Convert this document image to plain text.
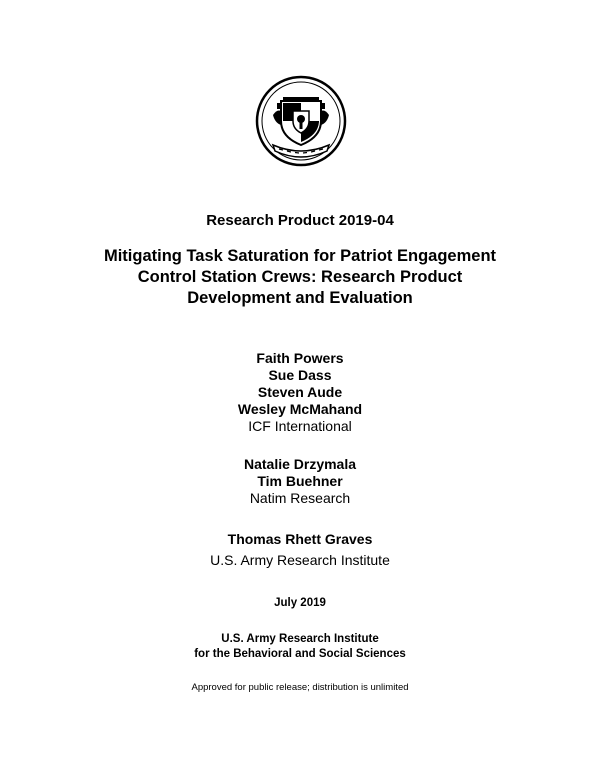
Research Product 2019-04
Mitigating Task Saturation for Patriot Engagement
Control Station Crews: Research Product
Development and Evaluation
Faith Powers
Sue Dass
Steven Aude
Wesley McMahand
ICF International
Natalie Drzymala
Tim Buehner
Natim Research
Thomas Rhett Graves
U.S. Army Research Institute
July 2019
U.S. Army Research Institute
for the Behavioral and Social Sciences
Approved for public release; distribution is unlimited
